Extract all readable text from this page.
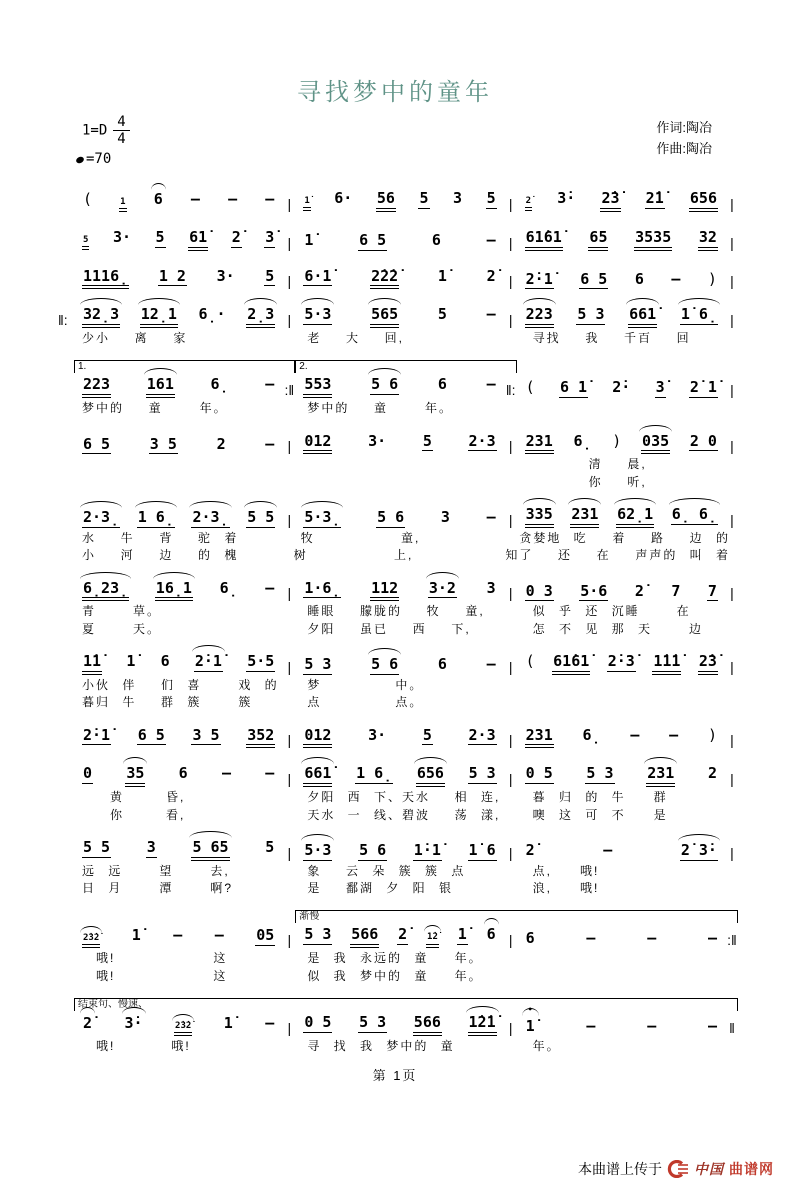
寻找梦中的童年
$1=D \frac{4}{4}$
=70
作词:陶冶
作曲:陶冶
(	1 6 — — — |	1̇ 6· 56 5 3 5 |	2̇ 3̇· 2̇3̇ 2̇1̇ 656 |
5 3· 5 61̇ 2̇ 3̇ | 1̇	6 5	6	— | 61̇61̇ 65 3535 32 |
1116̣ 1 2 3· 5 | 6·1̇	2̇2̇2̇	1̇	2̇ | 2̇·1̇ 6 5 6 — ) |
‖: 32̣3 12̣1 6̣· 2̣3 | 5·3	565	5	— | 223 5 3 661̇ 1̇ 6̣ |
少小  离  家	老  大  回,	寻找  我  千百  回
1.	2.
223 161 6̣ — :‖ 553	5 6	6	— ‖: ( 6 1̇ 2̇· 3̇ 2̇ 1̇ |
梦中的  童   年。	梦中的  童   年。
6 5	3 5	2	— | 012 3· 5 2·3 | 231 6̣ ) 035 2 0 |
　　　　清  晨,
　　　　你  听,
2·3̣ 1 6̣ 2·3̣ 5 5 | 5·3̣ 5 6 3 — | 335 231 62̣1 6̣ 6̣ |
水  牛  背  驼 着	牧       童,	贪婪地 吃  着  路  边 的
小  河  边  的 槐	树       上,	知了  还  在  声声的 叫 着
6̣23̣ 16̣1 6̣ — | 1·6̣ 112 3·2 3 | 0 3 5·6 2̇ 7 7 |
青   草。	睡眼  朦胧的  牧  童,	似 乎 还 沉睡   在
夏   天。	夕阳  虽已  西  下,	怎 不 见 那 天   边
1̇1̇ 1̇ 6 2̇·1̇ 5·5 | 5 3	5 6	6	— | ( 61̇61̇ 2̇·3̇ 1̇1̇1̇ 2̇3̇ |
小伙 伴  们 喜   戏 的	梦      中。
暮归 牛  群 簇   簇	点      点。
2̇·1̇ 6 5 3 5 352 | 012 3· 5 2·3 | 231 6̣ — — ) |
0 35 6 — — | 661̇ 1 6̣ 656 5 3 | 0 5 5 3 231 2 |
　　黄　　　昏,	夕阳 西 下、天水  相 连,	暮 归 的 牛　　群
　　你　　　看,	天水 一 线、碧波  荡 漾,	噢 这 可 不　　是
5 5 3 5 65 5 | 5·3 5 6 1̇·1̇ 1̇ 6 | 2̇	—	2̇ 3̇· |
远 远   望   去,	象  云 朵 簇 簇 点	点,　　哦!
日 月   潭   啊?	是  鄱湖 夕 阳 银	浪,　　哦!
渐慢
2̇3̇2̇ 1̇ — — 05 | 5 3 566 2̇ 1̇2̇ 1̇ 6 | 6	—	—	— :‖
　哦!　　　　　　　这	是 我 永远的 童　 年。
　哦!　　　　　　　这	似 我 梦中的 童　 年。
结束句、慢速、
2̇ 3̇·	2̇3̇2̇ 1̇ — | 0 5 5 3 566 1̇2̇1̇ | 1̇ •	—	—	— ‖
　哦!　　　　哦!	寻 找 我 梦中的 童	年。
第 1页
本曲谱上传于 中国 曲谱网
